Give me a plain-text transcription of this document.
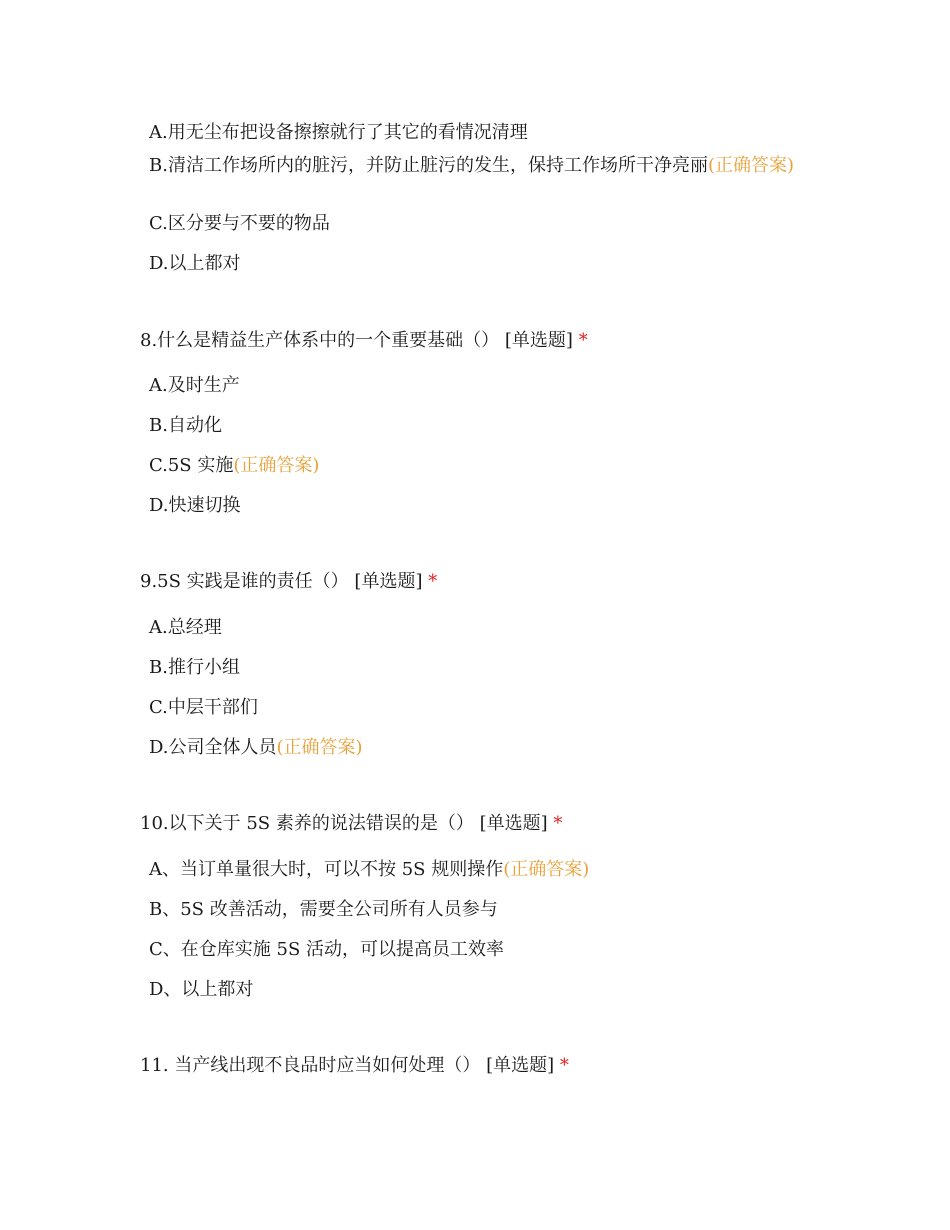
A.用无尘布把设备擦擦就行了其它的看情况清理
B.清洁工作场所内的脏污，并防止脏污的发生，保持工作场所干净亮丽(正确答案)
C.区分要与不要的物品
D.以上都对
8.什么是精益生产体系中的一个重要基础（） [单选题] *
A.及时生产
B.自动化
C.5S 实施(正确答案)
D.快速切换
9.5S 实践是谁的责任（） [单选题] *
A.总经理
B.推行小组
C.中层干部们
D.公司全体人员(正确答案)
10.以下关于 5S 素养的说法错误的是（） [单选题] *
A、当订单量很大时，可以不按 5S 规则操作(正确答案)
B、5S 改善活动，需要全公司所有人员参与
C、在仓库实施 5S 活动，可以提高员工效率
D、以上都对
11. 当产线出现不良品时应当如何处理（） [单选题] *
